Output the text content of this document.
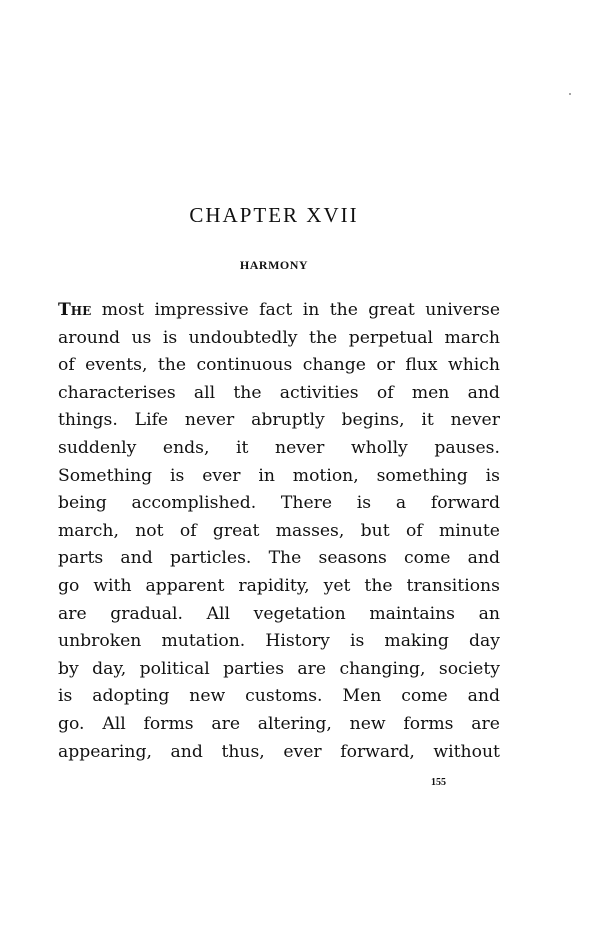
CHAPTER XVII
HARMONY
The most impressive fact in the great universe
around us is undoubtedly the perpetual march
of events, the continuous change or flux which
characterises all the activities of men and
things. Life never abruptly begins, it never
suddenly ends, it never wholly pauses.
Something is ever in motion, something is
being accomplished. There is a forward
march, not of great masses, but of minute
parts and particles. The seasons come and
go with apparent rapidity, yet the transitions
are gradual. All vegetation maintains an
unbroken mutation. History is making day
by day, political parties are changing, society
is adopting new customs. Men come and
go. All forms are altering, new forms are
appearing, and thus, ever forward, without
155
